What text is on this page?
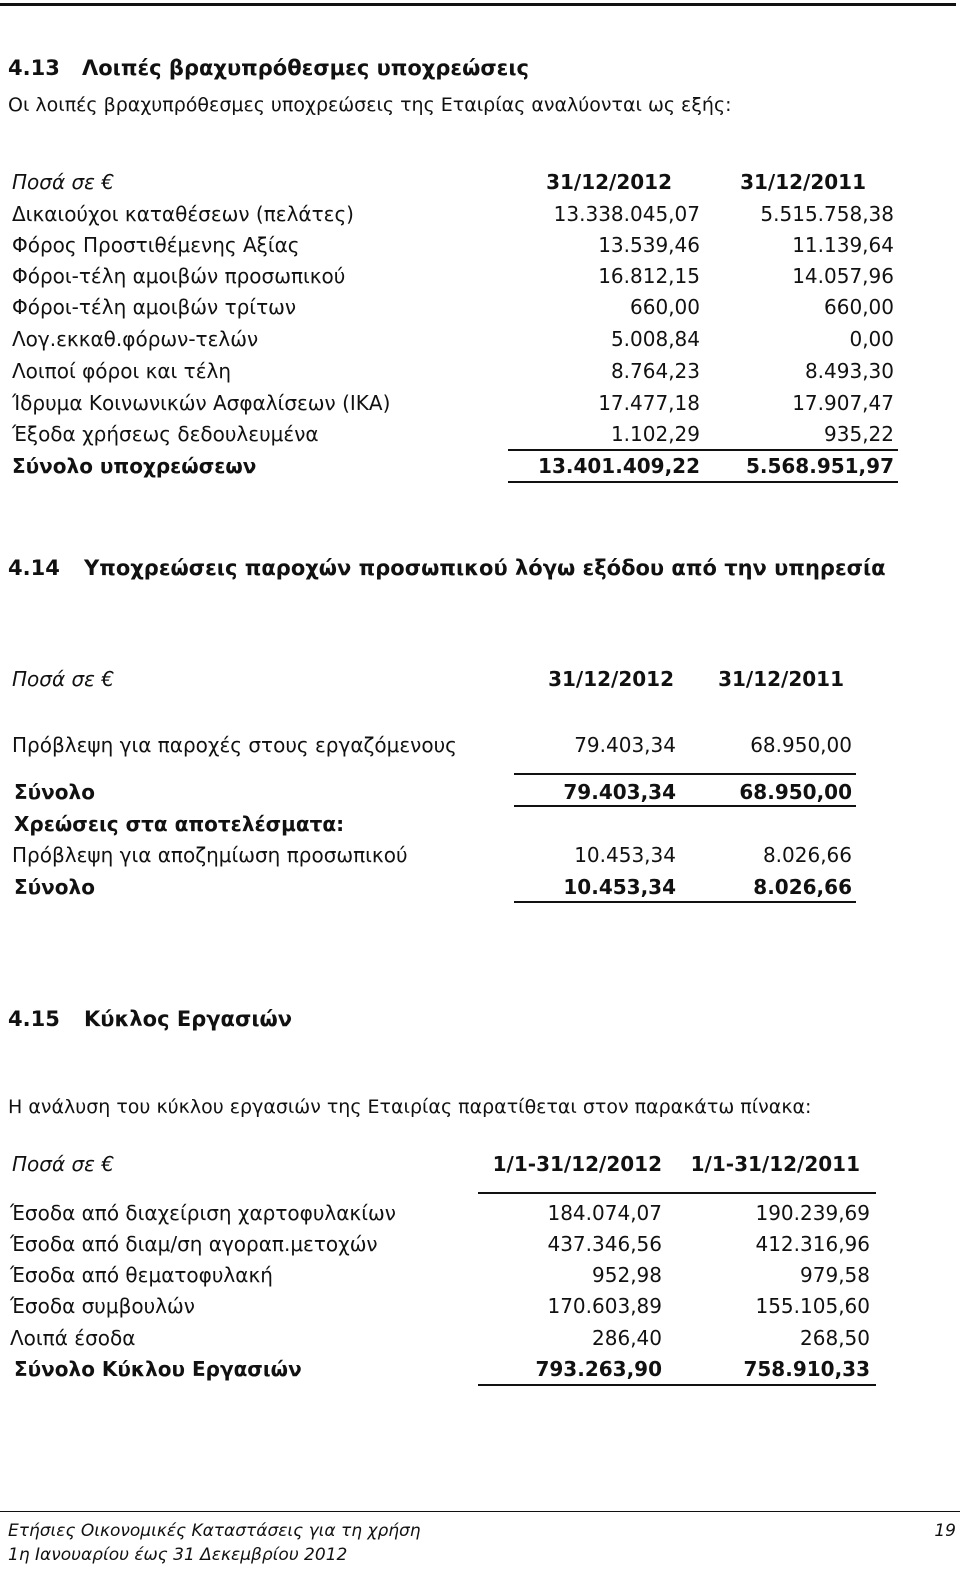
4.13 Λοιπές βραχυπρόθεσμες υποχρεώσεις
Οι λοιπές βραχυπρόθεσμες υποχρεώσεις της Εταιρίας αναλύονται ως εξής:
Ποσά σε €	31/12/2012	31/12/2011
Δικαιούχοι καταθέσεων (πελάτες)	13.338.045,07	5.515.758,38
Φόρος Προστιθέμενης Αξίας	13.539,46	11.139,64
Φόροι-τέλη αμοιβών προσωπικού	16.812,15	14.057,96
Φόροι-τέλη αμοιβών τρίτων	660,00	660,00
Λογ.εκκαθ.φόρων-τελών	5.008,84	0,00
Λοιποί φόροι και τέλη	8.764,23	8.493,30
Ίδρυμα Κοινωνικών Ασφαλίσεων (ΙΚΑ)	17.477,18	17.907,47
Έξοδα χρήσεως δεδουλευμένα	1.102,29	935,22
Σύνολο υποχρεώσεων	13.401.409,22	5.568.951,97
4.14 Υποχρεώσεις παροχών προσωπικού λόγω εξόδου από την υπηρεσία
Ποσά σε €	31/12/2012	31/12/2011
Πρόβλεψη για παροχές στους εργαζόμενους	79.403,34	68.950,00
Σύνολο	79.403,34	68.950,00
Χρεώσεις στα αποτελέσματα:
Πρόβλεψη για αποζημίωση προσωπικού	10.453,34	8.026,66
Σύνολο	10.453,34	8.026,66
4.15 Κύκλος Εργασιών
Η ανάλυση του κύκλου εργασιών της Εταιρίας παρατίθεται στον παρακάτω πίνακα:
Ποσά σε €	1/1-31/12/2012	1/1-31/12/2011
Έσοδα από διαχείριση χαρτοφυλακίων	184.074,07	190.239,69
Έσοδα από διαμ/ση αγοραπ.μετοχών	437.346,56	412.316,96
Έσοδα από θεματοφυλακή	952,98	979,58
Έσοδα συμβουλών	170.603,89	155.105,60
Λοιπά έσοδα	286,40	268,50
Σύνολο Κύκλου Εργασιών	793.263,90	758.910,33
Ετήσιες Οικονομικές Καταστάσεις για τη χρήση
1η Ιανουαρίου έως 31 Δεκεμβρίου 2012
19
